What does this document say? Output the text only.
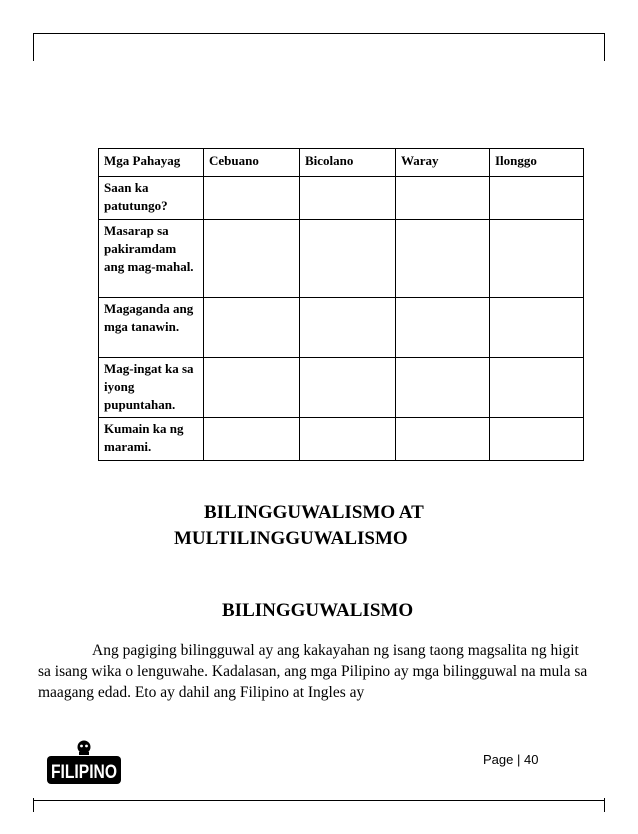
Mga Pahayag	Cebuano	Bicolano	Waray	Ilonggo
Saan ka patutungo?				
Masarap sa pakiramdam ang mag-mahal.				
Magaganda ang mga tanawin.				
Mag-ingat ka sa iyong pupuntahan.				
Kumain ka ng marami.				
BILINGGUWALISMO AT
MULTILINGGUWALISMO
BILINGGUWALISMO

Ang pagiging bilingguwal ay ang kakayahan ng isang taong magsalita ng higit sa isang wika o lenguwahe. Kadalasan, ang mga Pilipino ay mga bilingguwal na mula sa maagang edad. Eto ay dahil ang Filipino at Ingles ay

FILIPINO
Page | 40
